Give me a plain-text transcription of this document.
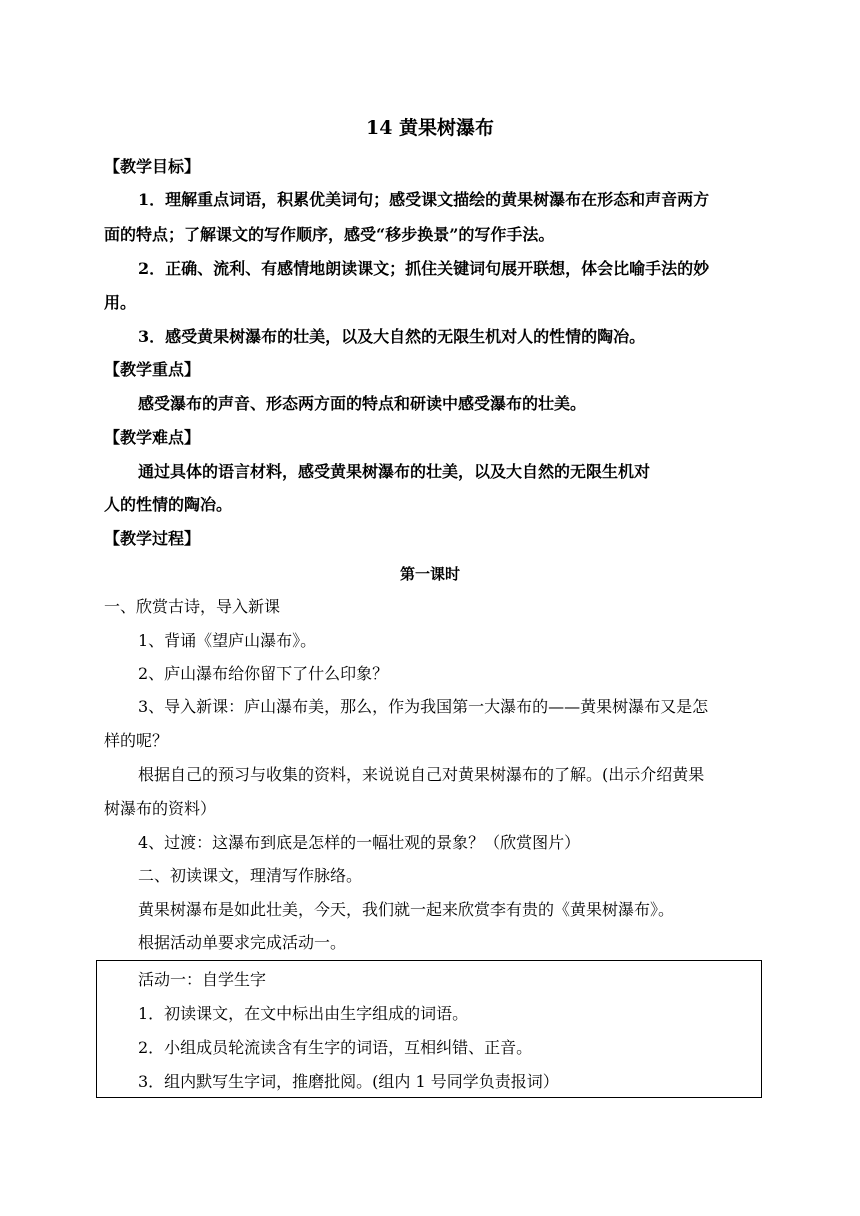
14 黄果树瀑布
【教学目标】
1．理解重点词语，积累优美词句；感受课文描绘的黄果树瀑布在形态和声音两方
面的特点；了解课文的写作顺序，感受“移步换景”的写作手法。
2．正确、流利、有感情地朗读课文；抓住关键词句展开联想，体会比喻手法的妙
用。
3．感受黄果树瀑布的壮美，以及大自然的无限生机对人的性情的陶冶。
【教学重点】
感受瀑布的声音、形态两方面的特点和研读中感受瀑布的壮美。
【教学难点】
通过具体的语言材料，感受黄果树瀑布的壮美，以及大自然的无限生机对
人的性情的陶冶。
【教学过程】
第一课时
一、欣赏古诗，导入新课
1、背诵《望庐山瀑布》。
2、庐山瀑布给你留下了什么印象？
3、导入新课：庐山瀑布美，那么，作为我国第一大瀑布的——黄果树瀑布又是怎
样的呢？
根据自己的预习与收集的资料，来说说自己对黄果树瀑布的了解。(出示介绍黄果
树瀑布的资料）
4、过渡：这瀑布到底是怎样的一幅壮观的景象？（欣赏图片）
二、初读课文，理清写作脉络。
黄果树瀑布是如此壮美，今天，我们就一起来欣赏李有贵的《黄果树瀑布》。
根据活动单要求完成活动一。
活动一：自学生字
1．初读课文，在文中标出由生字组成的词语。
2．小组成员轮流读含有生字的词语，互相纠错、正音。
3．组内默写生字词，推磨批阅。(组内 1 号同学负责报词）
